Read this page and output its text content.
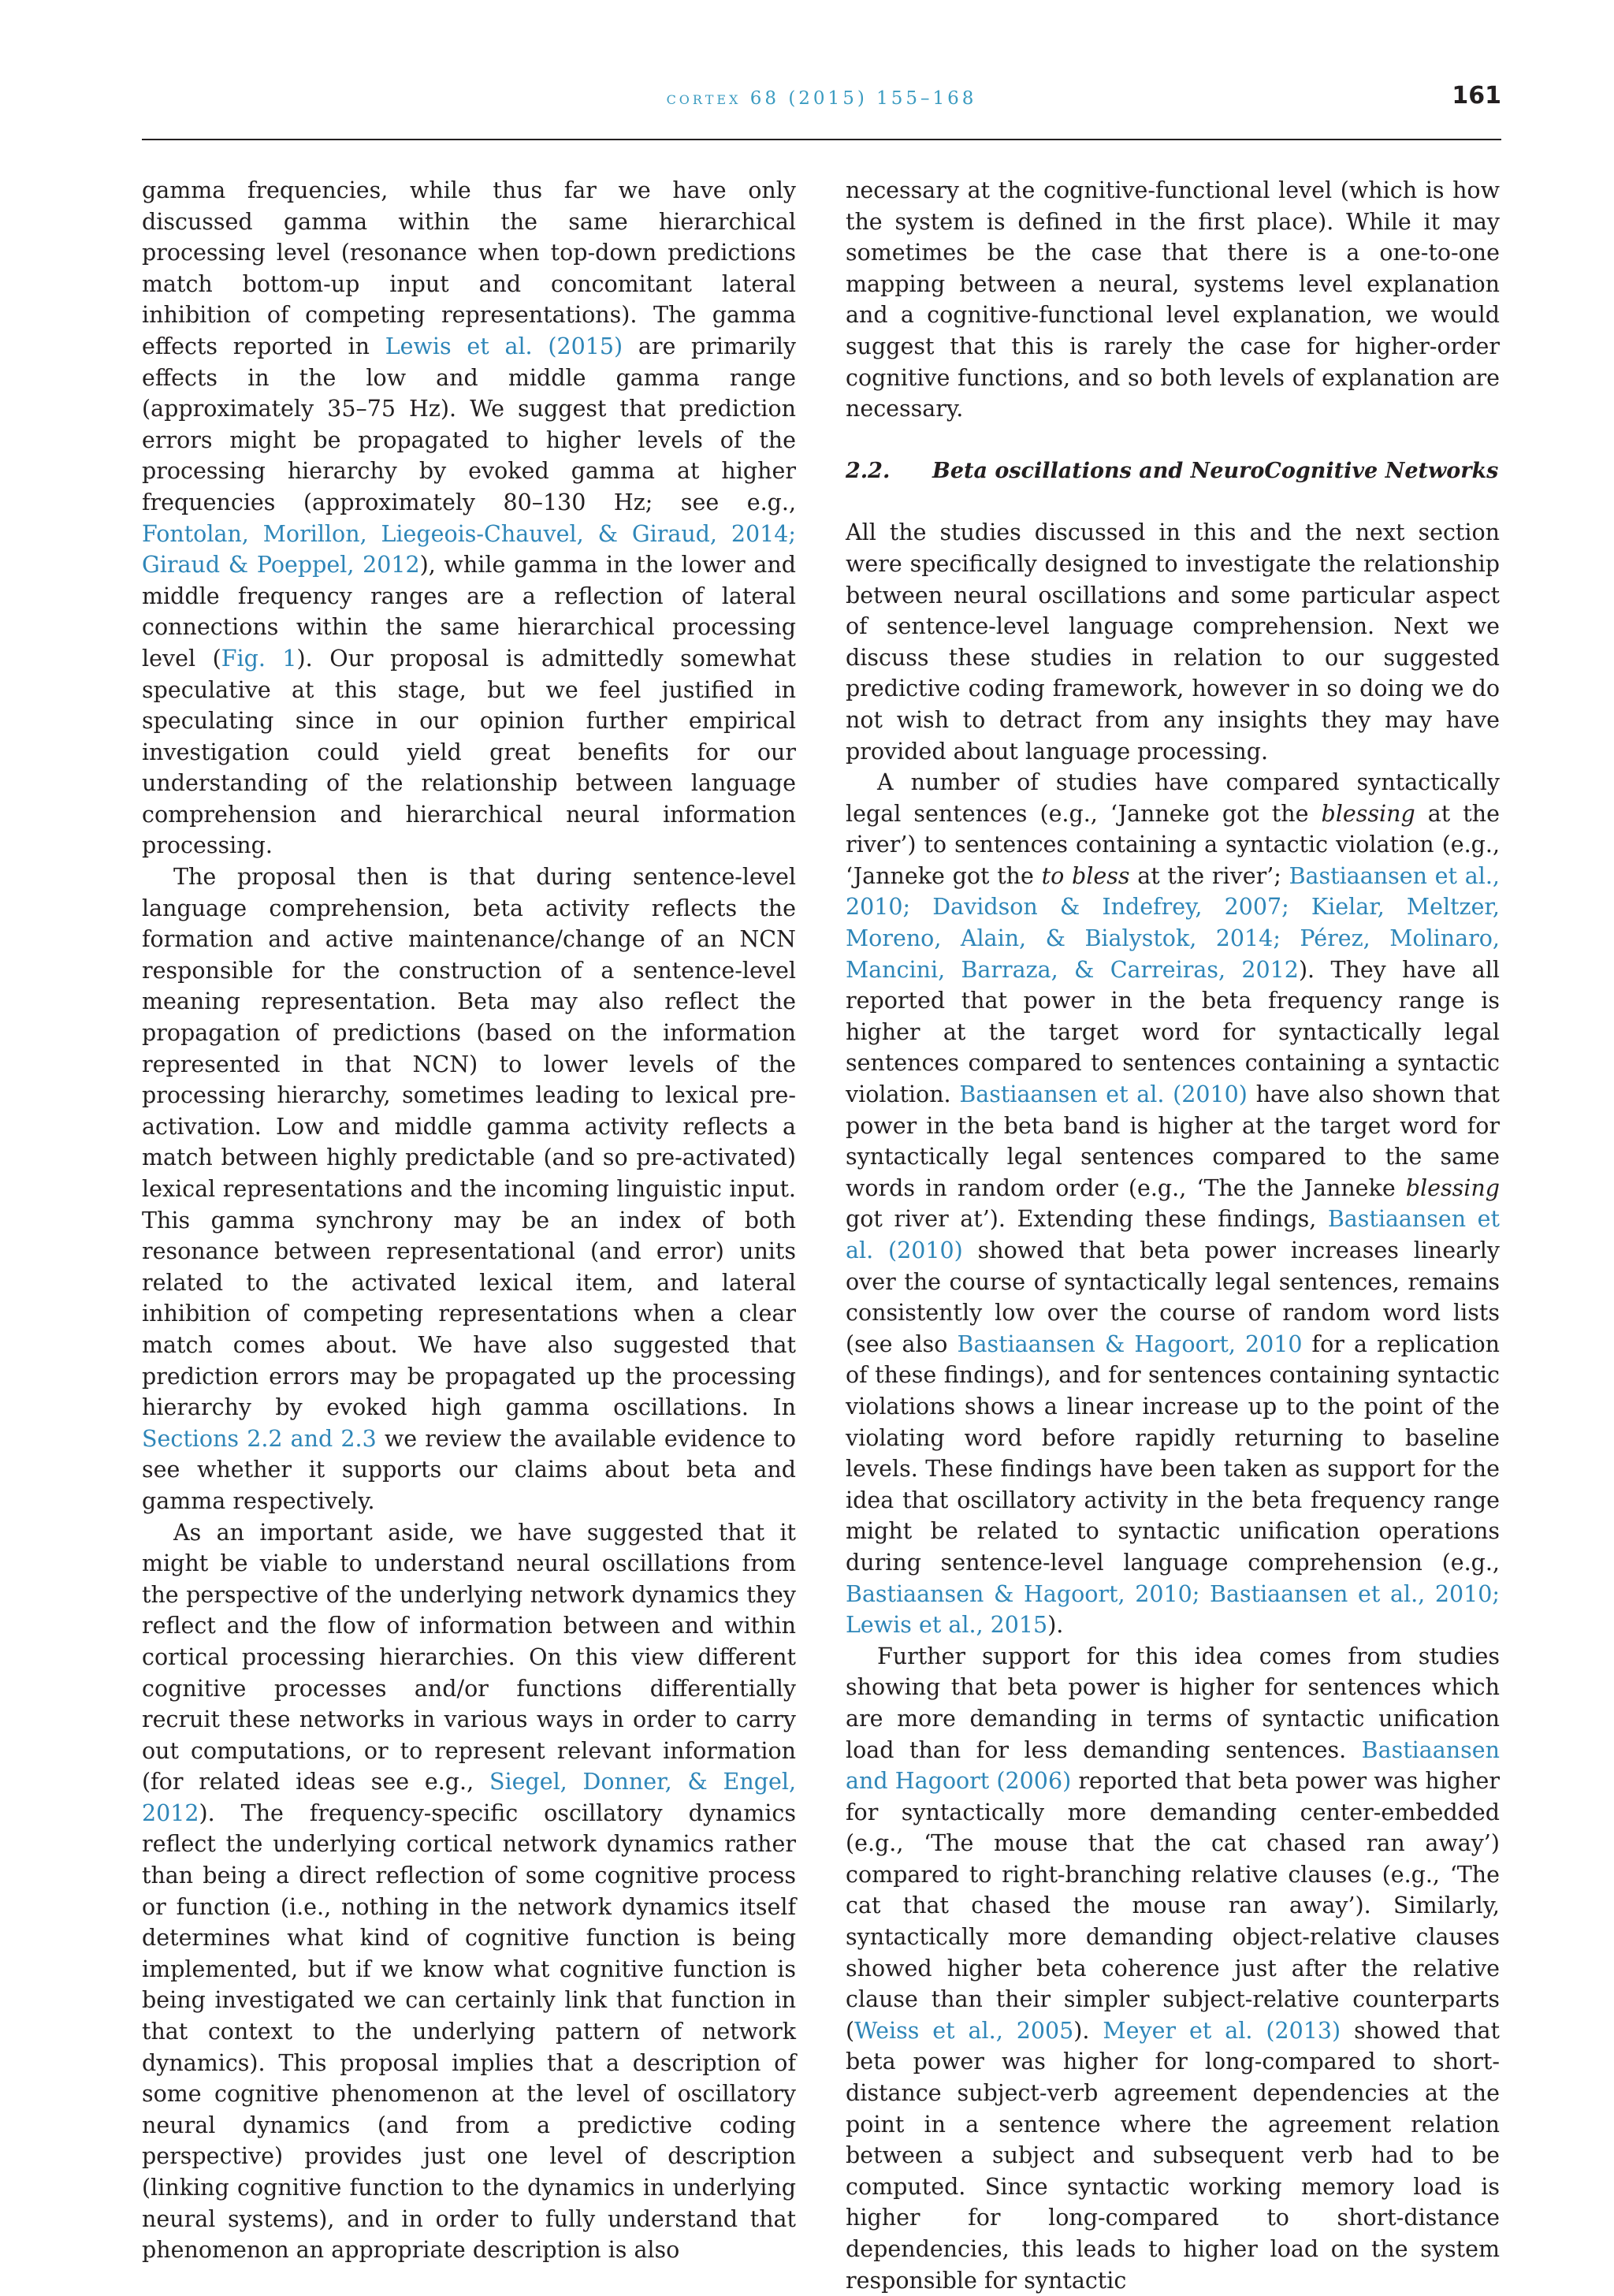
cortex 68 (2015) 155–168	161

gamma frequencies, while thus far we have only discussed gamma within the same hierarchical processing level (resonance when top-down predictions match bottom-up input and concomitant lateral inhibition of competing representations). The gamma effects reported in Lewis et al. (2015) are primarily effects in the low and middle gamma range (approximately 35–75 Hz). We suggest that prediction errors might be propagated to higher levels of the processing hierarchy by evoked gamma at higher frequencies (approximately 80–130 Hz; see e.g., Fontolan, Morillon, Liegeois-Chauvel, & Giraud, 2014; Giraud & Poeppel, 2012), while gamma in the lower and middle frequency ranges are a reflection of lateral connections within the same hierarchical processing level (Fig. 1). Our proposal is admittedly somewhat speculative at this stage, but we feel justified in speculating since in our opinion further empirical investigation could yield great benefits for our understanding of the relationship between language comprehension and hierarchical neural information processing.

The proposal then is that during sentence-level language comprehension, beta activity reflects the formation and active maintenance/change of an NCN responsible for the construction of a sentence-level meaning representation. Beta may also reflect the propagation of predictions (based on the information represented in that NCN) to lower levels of the processing hierarchy, sometimes leading to lexical pre-activation. Low and middle gamma activity reflects a match between highly predictable (and so pre-activated) lexical representations and the incoming linguistic input. This gamma synchrony may be an index of both resonance between representational (and error) units related to the activated lexical item, and lateral inhibition of competing representations when a clear match comes about. We have also suggested that prediction errors may be propagated up the processing hierarchy by evoked high gamma oscillations. In Sections 2.2 and 2.3 we review the available evidence to see whether it supports our claims about beta and gamma respectively.

As an important aside, we have suggested that it might be viable to understand neural oscillations from the perspective of the underlying network dynamics they reflect and the flow of information between and within cortical processing hierarchies. On this view different cognitive processes and/or functions differentially recruit these networks in various ways in order to carry out computations, or to represent relevant information (for related ideas see e.g., Siegel, Donner, & Engel, 2012). The frequency-specific oscillatory dynamics reflect the underlying cortical network dynamics rather than being a direct reflection of some cognitive process or function (i.e., nothing in the network dynamics itself determines what kind of cognitive function is being implemented, but if we know what cognitive function is being investigated we can certainly link that function in that context to the underlying pattern of network dynamics). This proposal implies that a description of some cognitive phenomenon at the level of oscillatory neural dynamics (and from a predictive coding perspective) provides just one level of description (linking cognitive function to the dynamics in underlying neural systems), and in order to fully understand that phenomenon an appropriate description is also

necessary at the cognitive-functional level (which is how the system is defined in the first place). While it may sometimes be the case that there is a one-to-one mapping between a neural, systems level explanation and a cognitive-functional level explanation, we would suggest that this is rarely the case for higher-order cognitive functions, and so both levels of explanation are necessary.

2.2. Beta oscillations and NeuroCognitive Networks

All the studies discussed in this and the next section were specifically designed to investigate the relationship between neural oscillations and some particular aspect of sentence-level language comprehension. Next we discuss these studies in relation to our suggested predictive coding framework, however in so doing we do not wish to detract from any insights they may have provided about language processing.

A number of studies have compared syntactically legal sentences (e.g., ‘Janneke got the blessing at the river’) to sentences containing a syntactic violation (e.g., ‘Janneke got the to bless at the river’; Bastiaansen et al., 2010; Davidson & Indefrey, 2007; Kielar, Meltzer, Moreno, Alain, & Bialystok, 2014; Pérez, Molinaro, Mancini, Barraza, & Carreiras, 2012). They have all reported that power in the beta frequency range is higher at the target word for syntactically legal sentences compared to sentences containing a syntactic violation. Bastiaansen et al. (2010) have also shown that power in the beta band is higher at the target word for syntactically legal sentences compared to the same words in random order (e.g., ‘The the Janneke blessing got river at’). Extending these findings, Bastiaansen et al. (2010) showed that beta power increases linearly over the course of syntactically legal sentences, remains consistently low over the course of random word lists (see also Bastiaansen & Hagoort, 2010 for a replication of these findings), and for sentences containing syntactic violations shows a linear increase up to the point of the violating word before rapidly returning to baseline levels. These findings have been taken as support for the idea that oscillatory activity in the beta frequency range might be related to syntactic unification operations during sentence-level language comprehension (e.g., Bastiaansen & Hagoort, 2010; Bastiaansen et al., 2010; Lewis et al., 2015).

Further support for this idea comes from studies showing that beta power is higher for sentences which are more demanding in terms of syntactic unification load than for less demanding sentences. Bastiaansen and Hagoort (2006) reported that beta power was higher for syntactically more demanding center-embedded (e.g., ‘The mouse that the cat chased ran away’) compared to right-branching relative clauses (e.g., ‘The cat that chased the mouse ran away’). Similarly, syntactically more demanding object-relative clauses showed higher beta coherence just after the relative clause than their simpler subject-relative counterparts (Weiss et al., 2005). Meyer et al. (2013) showed that beta power was higher for long-compared to short-distance subject-verb agreement dependencies at the point in a sentence where the agreement relation between a subject and subsequent verb had to be computed. Since syntactic working memory load is higher for long-compared to short-distance dependencies, this leads to higher load on the system responsible for syntactic
